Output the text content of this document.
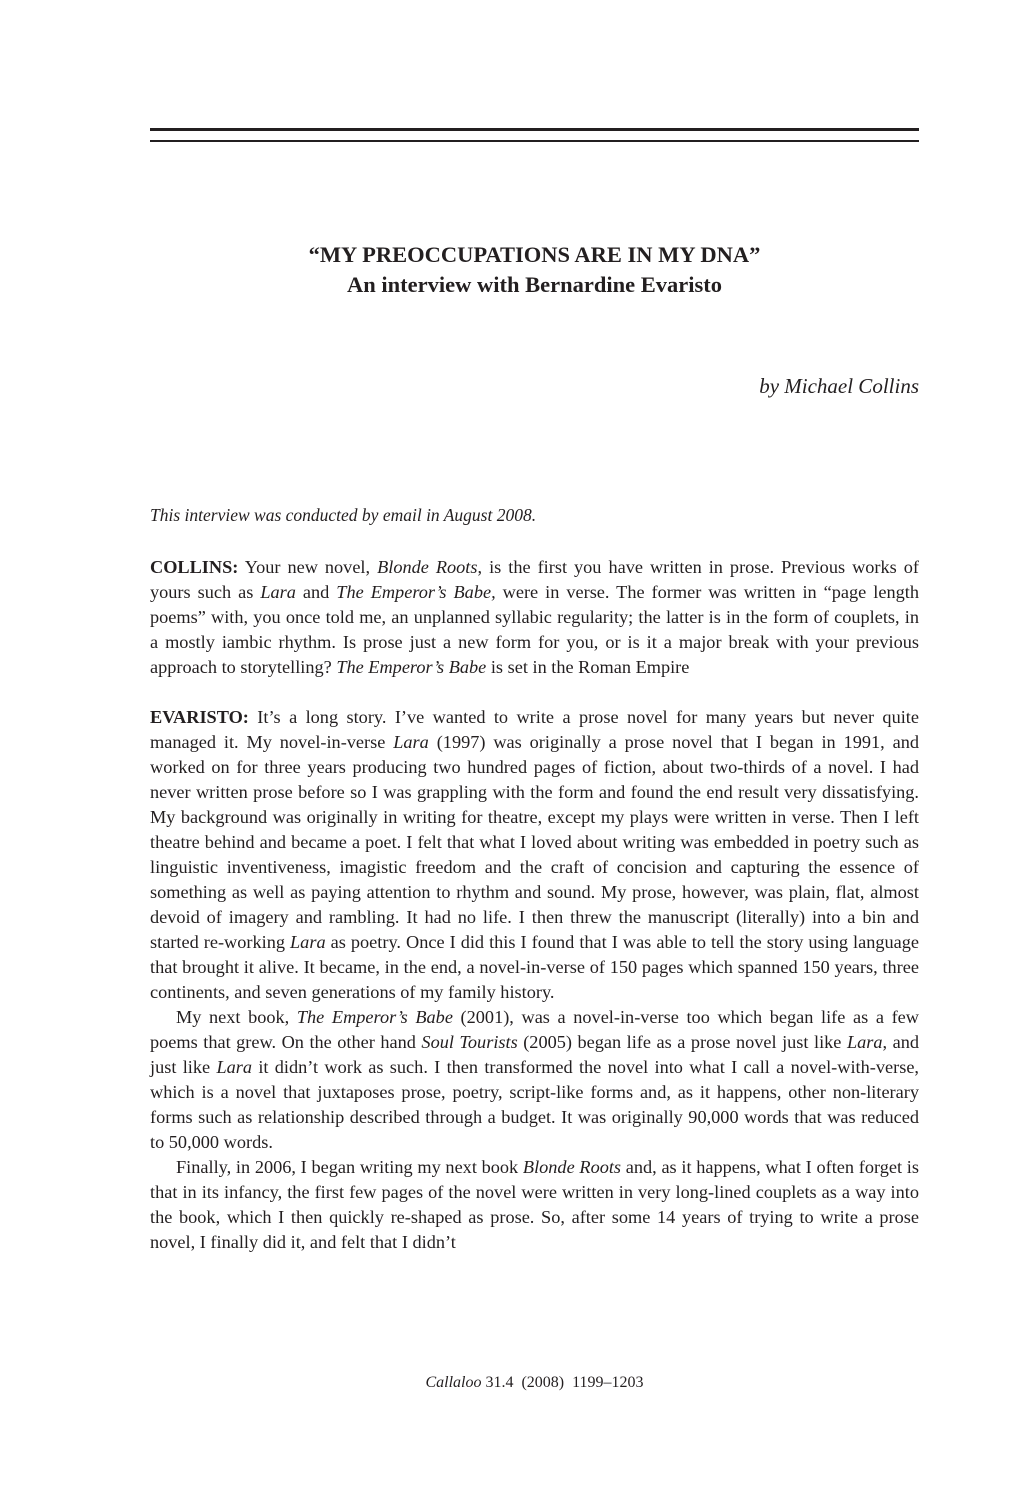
“MY PREOCCUPATIONS ARE IN MY DNA”

An interview with Bernardine Evaristo

by Michael Collins
This interview was conducted by email in August 2008.

COLLINS: Your new novel, Blonde Roots, is the first you have written in prose. Previous works of yours such as Lara and The Emperor’s Babe, were in verse. The former was written in “page length poems” with, you once told me, an unplanned syllabic regularity; the latter is in the form of couplets, in a mostly iambic rhythm. Is prose just a new form for you, or is it a major break with your previous approach to storytelling? The Emperor’s Babe is set in the Roman Empire

EVARISTO: It’s a long story. I’ve wanted to write a prose novel for many years but never quite managed it. My novel-in-verse Lara (1997) was originally a prose novel that I began in 1991, and worked on for three years producing two hundred pages of fiction, about two-thirds of a novel. I had never written prose before so I was grappling with the form and found the end result very dissatisfying. My background was originally in writing for theatre, except my plays were written in verse. Then I left theatre behind and became a poet. I felt that what I loved about writing was embedded in poetry such as linguistic inventiveness, imagistic freedom and the craft of concision and capturing the essence of something as well as paying attention to rhythm and sound. My prose, however, was plain, flat, almost devoid of imagery and rambling. It had no life. I then threw the manuscript (literally) into a bin and started re-working Lara as poetry. Once I did this I found that I was able to tell the story using language that brought it alive. It became, in the end, a novel-in-verse of 150 pages which spanned 150 years, three continents, and seven generations of my family history.

My next book, The Emperor’s Babe (2001), was a novel-in-verse too which began life as a few poems that grew. On the other hand Soul Tourists (2005) began life as a prose novel just like Lara, and just like Lara it didn’t work as such. I then transformed the novel into what I call a novel-with-verse, which is a novel that juxtaposes prose, poetry, script-like forms and, as it happens, other non-literary forms such as relationship described through a budget. It was originally 90,000 words that was reduced to 50,000 words.

Finally, in 2006, I began writing my next book Blonde Roots and, as it happens, what I often forget is that in its infancy, the first few pages of the novel were written in very long-lined couplets as a way into the book, which I then quickly re-shaped as prose. So, after some 14 years of trying to write a prose novel, I finally did it, and felt that I didn’t

Callaloo 31.4  (2008)  1199–1203
